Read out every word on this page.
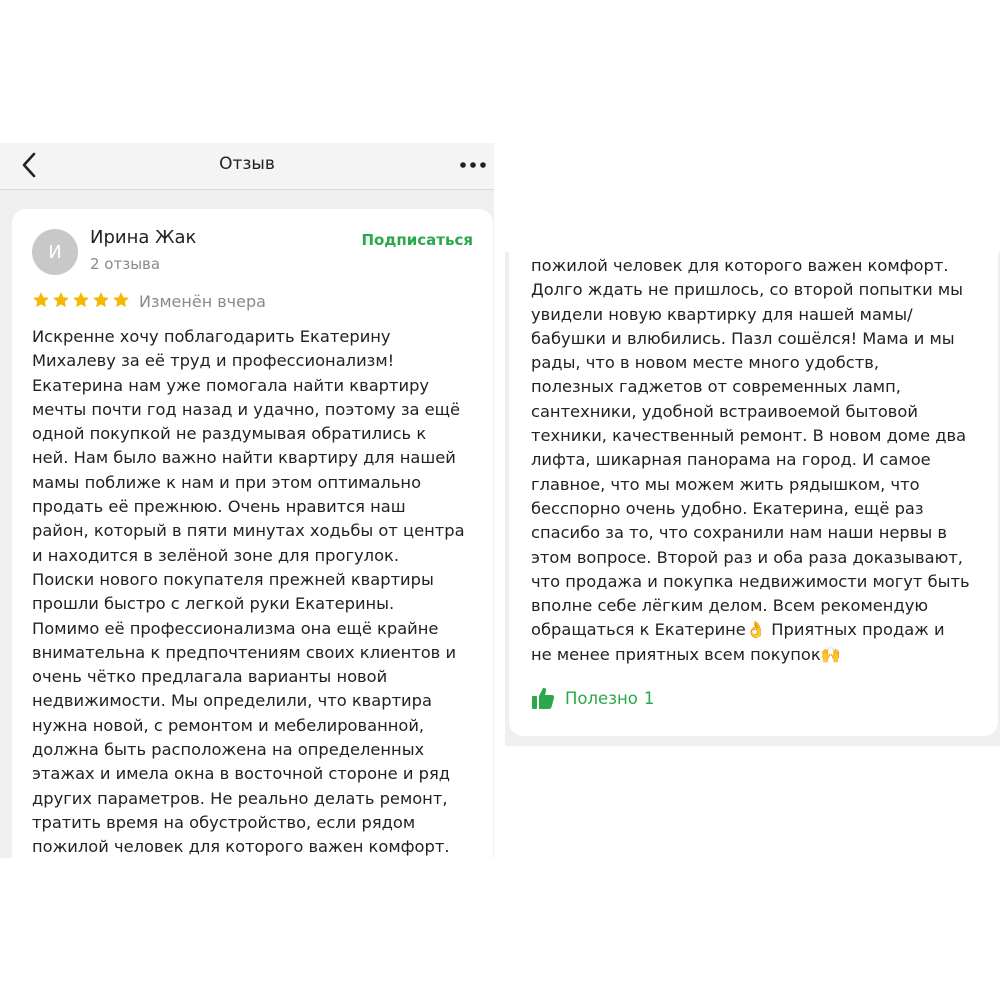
Отзыв
И
Ирина Жак
2 отзыва
Подписаться
Изменён вчера
Искренне хочу поблагодарить Екатерину
Михалеву за её труд и профессионализм!
Екатерина нам уже помогала найти квартиру
мечты почти год назад и удачно, поэтому за ещё
одной покупкой не раздумывая обратились к
ней. Нам было важно найти квартиру для нашей
мамы поближе к нам и при этом оптимально
продать её прежнюю. Очень нравится наш
район, который в пяти минутах ходьбы от центра
и находится в зелёной зоне для прогулок.
Поиски нового покупателя прежней квартиры
прошли быстро с легкой руки Екатерины.
Помимо её профессионализма она ещё крайне
внимательна к предпочтениям своих клиентов и
очень чётко предлагала варианты новой
недвижимости. Мы определили, что квартира
нужна новой, с ремонтом и мебелированной,
должна быть расположена на определенных
этажах и имела окна в восточной стороне и ряд
других параметров. Не реально делать ремонт,
тратить время на обустройство, если рядом
пожилой человек для которого важен комфорт.
пожилой человек для которого важен комфорт.
Долго ждать не пришлось, со второй попытки мы
увидели новую квартирку для нашей мамы/
бабушки и влюбились. Пазл сошёлся! Мама и мы
рады, что в новом месте много удобств,
полезных гаджетов от современных ламп,
сантехники, удобной встраивоемой бытовой
техники, качественный ремонт. В новом доме два
лифта, шикарная панорама на город. И самое
главное, что мы можем жить рядышком, что
бесспорно очень удобно. Екатерина, ещё раз
спасибо за то, что сохранили нам наши нервы в
этом вопросе. Второй раз и оба раза доказывают,
что продажа и покупка недвижимости могут быть
вполне себе лёгким делом. Всем рекомендую
обращаться к Екатерине👌 Приятных продаж и
не менее приятных всем покупок🙌
Полезно 1
